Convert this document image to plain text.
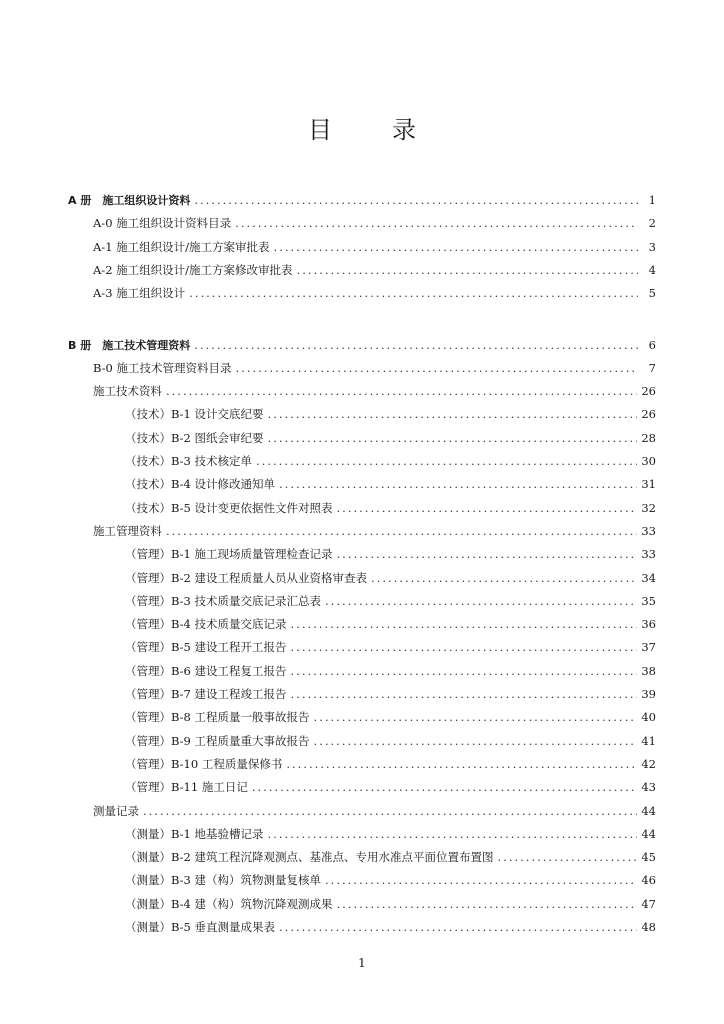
目　录
A 册　施工组织设计资料 .....	1
A-0 施工组织设计资料目录 .....	2
A-1 施工组织设计/施工方案审批表 .....	3
A-2 施工组织设计/施工方案修改审批表 .....	4
A-3 施工组织设计 .....	5
B 册　施工技术管理资料 .....	6
B-0 施工技术管理资料目录 .....	7
施工技术资料 .....	26
（技术）B-1 设计交底纪要 .....	26
（技术）B-2 图纸会审纪要 .....	28
（技术）B-3 技术核定单 .....	30
（技术）B-4 设计修改通知单 .....	31
（技术）B-5 设计变更依据性文件对照表 .....	32
施工管理资料 .....	33
（管理）B-1 施工现场质量管理检查记录 .....	33
（管理）B-2 建设工程质量人员从业资格审查表 .....	34
（管理）B-3 技术质量交底记录汇总表 .....	35
（管理）B-4 技术质量交底记录 .....	36
（管理）B-5 建设工程开工报告 .....	37
（管理）B-6 建设工程复工报告 .....	38
（管理）B-7 建设工程竣工报告 .....	39
（管理）B-8 工程质量一般事故报告 .....	40
（管理）B-9 工程质量重大事故报告 .....	41
（管理）B-10 工程质量保修书 .....	42
（管理）B-11 施工日记 .....	43
测量记录 .....	44
（测量）B-1 地基验槽记录 .....	44
（测量）B-2 建筑工程沉降观测点、基准点、专用水准点平面位置布置图 .....	45
（测量）B-3 建（构）筑物测量复核单 .....	46
（测量）B-4 建（构）筑物沉降观测成果 .....	47
（测量）B-5 垂直测量成果表 .....	48
1
